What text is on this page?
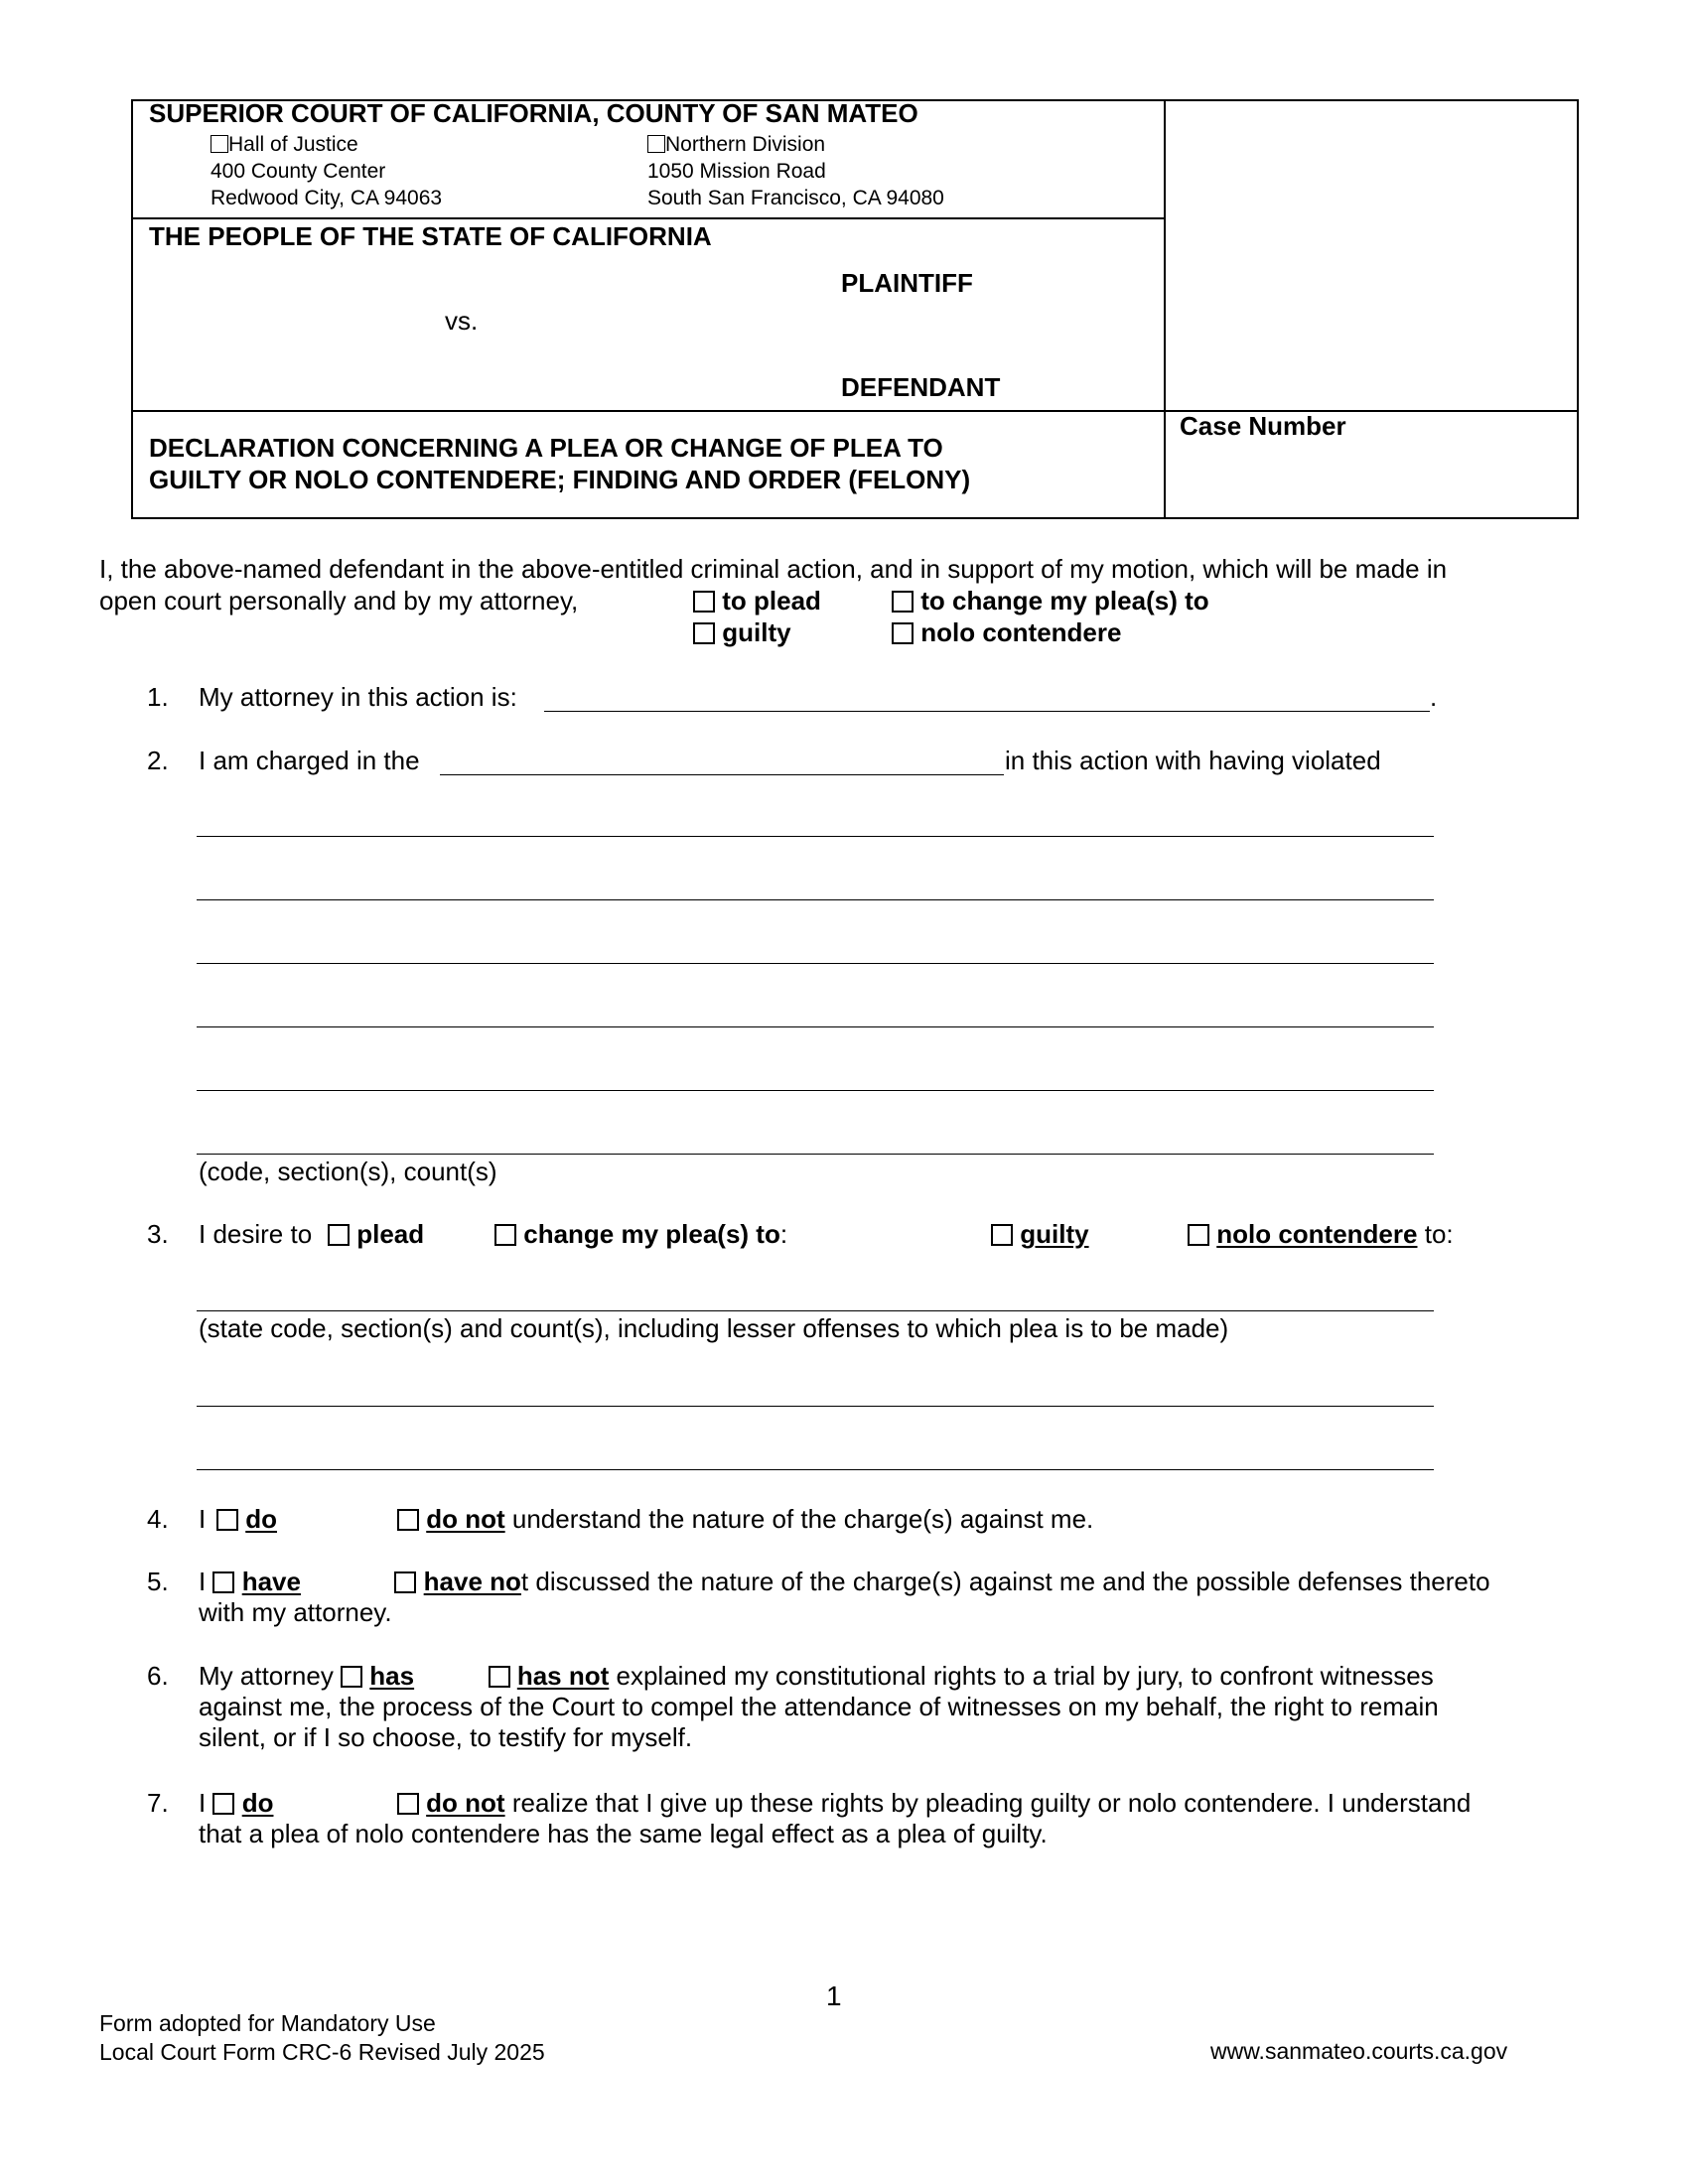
SUPERIOR COURT OF CALIFORNIA, COUNTY OF SAN MATEO
Hall of Justice
400 County Center
Redwood City, CA 94063
Northern Division
1050 Mission Road
South San Francisco, CA 94080
THE PEOPLE OF THE STATE OF CALIFORNIA
PLAINTIFF
vs.
DEFENDANT
DECLARATION CONCERNING A PLEA OR CHANGE OF PLEA TO
GUILTY OR NOLO CONTENDERE; FINDING AND ORDER (FELONY)
Case Number
I, the above-named defendant in the above-entitled criminal action, and in support of my motion, which will be made in
open court personally and by my attorney,	to plead	to change my plea(s) to
guilty	nolo contendere
1. My attorney in this action is:	.
2. I am charged in the	in this action with having violated
(code, section(s), count(s)
3. I desire to	plead	change my plea(s) to:	guilty	nolo contendere to:
(state code, section(s) and count(s), including lesser offenses to which plea is to be made)
4. I	do	do not understand the nature of the charge(s) against me.
5. I have	have not discussed the nature of the charge(s) against me and the possible defenses thereto
with my attorney.
6. My attorney has	has not explained my constitutional rights to a trial by jury, to confront witnesses
against me, the process of the Court to compel the attendance of witnesses on my behalf, the right to remain
silent, or if I so choose, to testify for myself.
7. I do	do not realize that I give up these rights by pleading guilty or nolo contendere. I understand
that a plea of nolo contendere has the same legal effect as a plea of guilty.
1
Form adopted for Mandatory Use
Local Court Form CRC-6 Revised July 2025	www.sanmateo.courts.ca.gov
